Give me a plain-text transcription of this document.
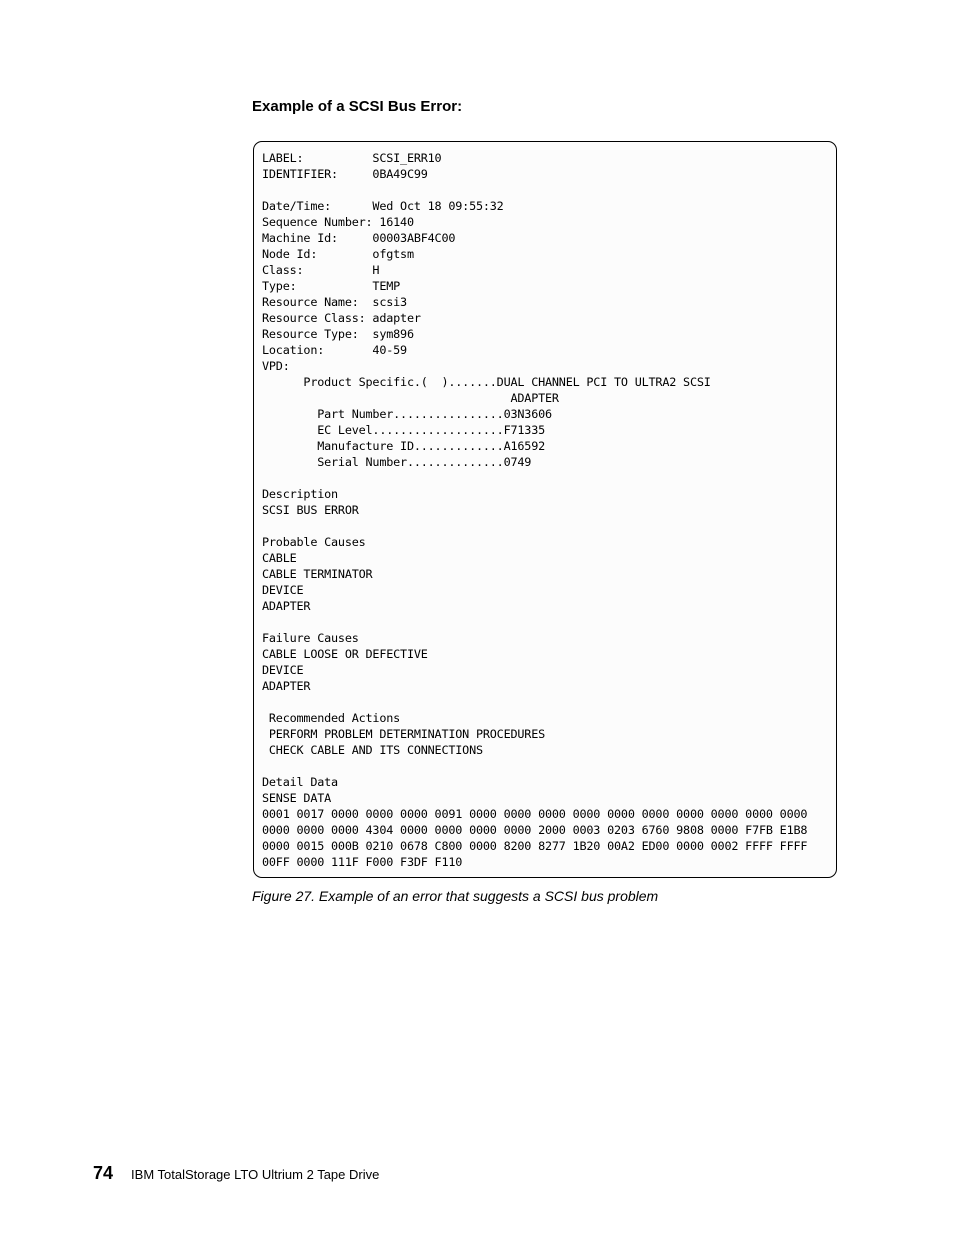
Example of a SCSI Bus Error:
LABEL:          SCSI_ERR10
IDENTIFIER:     0BA49C99
Date/Time:      Wed Oct 18 09:55:32
Sequence Number: 16140
Machine Id:     00003ABF4C00
Node Id:        ofgtsm
Class:          H
Type:           TEMP
Resource Name:  scsi3
Resource Class: adapter
Resource Type:  sym896
Location:       40-59
VPD:
Product Specific.(  ).......DUAL CHANNEL PCI TO ULTRA2 SCSI
ADAPTER
Part Number................03N3606
EC Level...................F71335
Manufacture ID.............A16592
Serial Number..............0749
Description
SCSI BUS ERROR
Probable Causes
CABLE
CABLE TERMINATOR
DEVICE
ADAPTER
Failure Causes
CABLE LOOSE OR DEFECTIVE
DEVICE
ADAPTER
Recommended Actions
PERFORM PROBLEM DETERMINATION PROCEDURES
CHECK CABLE AND ITS CONNECTIONS
Detail Data
SENSE DATA
0001 0017 0000 0000 0000 0091 0000 0000 0000 0000 0000 0000 0000 0000 0000 0000
0000 0000 0000 4304 0000 0000 0000 0000 2000 0003 0203 6760 9808 0000 F7FB E1B8
0000 0015 000B 0210 0678 C800 0000 8200 8277 1B20 00A2 ED00 0000 0002 FFFF FFFF
00FF 0000 111F F000 F3DF F110

Figure 27. Example of an error that suggests a SCSI bus problem

74 IBM TotalStorage LTO Ultrium 2 Tape Drive
